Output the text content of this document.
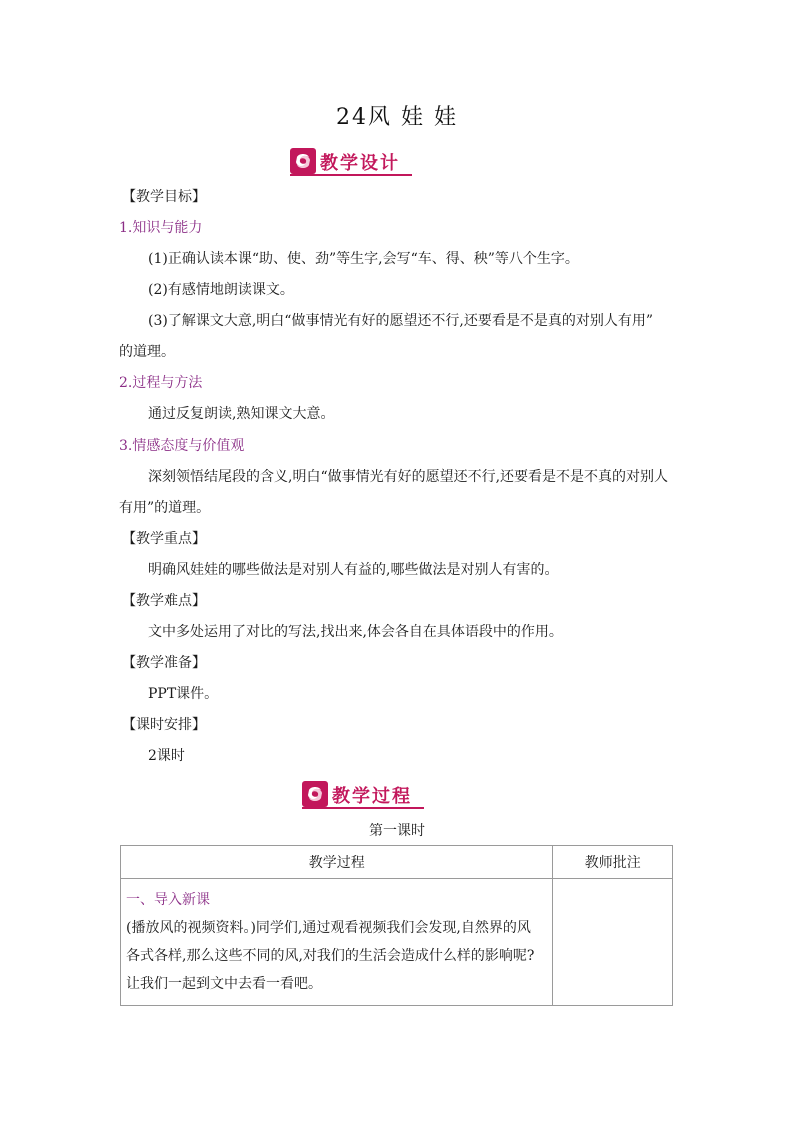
24风 娃 娃
教学设计
【教学目标】
1.知识与能力
(1)正确认读本课“助、使、劲”等生字,会写“车、得、秧”等八个生字。
(2)有感情地朗读课文。
(3)了解课文大意,明白“做事情光有好的愿望还不行,还要看是不是真的对别人有用”
的道理。
2.过程与方法
通过反复朗读,熟知课文大意。
3.情感态度与价值观
深刻领悟结尾段的含义,明白“做事情光有好的愿望还不行,还要看是不是不真的对别人
有用”的道理。
【教学重点】
明确风娃娃的哪些做法是对别人有益的,哪些做法是对别人有害的。
【教学难点】
文中多处运用了对比的写法,找出来,体会各自在具体语段中的作用。
【教学准备】
PPT课件。
【课时安排】
2课时
教学过程
第一课时
教学过程	教师批注

一、导入新课
(播放风的视频资料。)同学们,通过观看视频我们会发现,自然界的风
各式各样,那么这些不同的风,对我们的生活会造成什么样的影响呢?
让我们一起到文中去看一看吧。	
